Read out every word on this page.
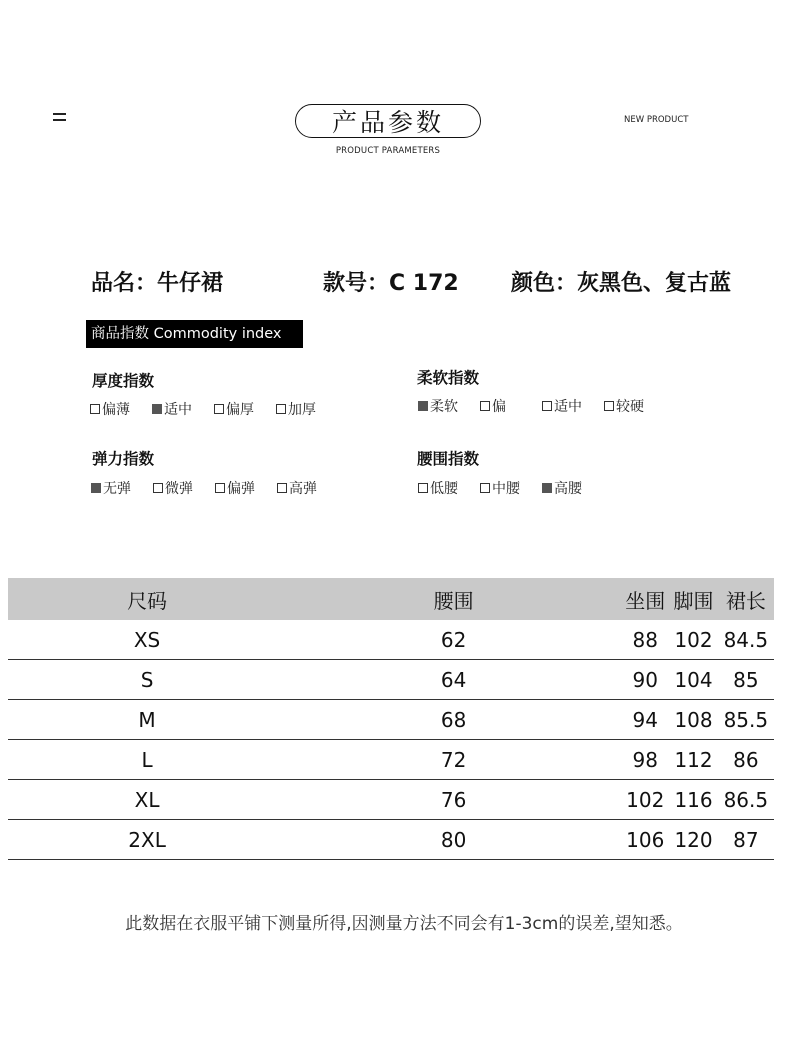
产品参数
PRODUCT PARAMETERS
NEW PRODUCT
品名：牛仔裙	款号：C 172 颜色：灰黑色、复古蓝
商品指数 Commodity index
厚度指数
偏薄 适中 偏厚 加厚
柔软指数
柔软 偏	适中 较硬
弹力指数
无弹 微弹 偏弹 高弹
腰围指数
低腰 中腰 高腰
尺码	腰围	坐围	脚围	裙长
XS	62	88	102	84.5
S	64	90	104	85
M	68	94	108	85.5
L	72	98	112	86
XL	76	102	116	86.5
2XL	80	106	120	87
此数据在衣服平铺下测量所得,因测量方法不同会有1-3cm的误差,望知悉。
